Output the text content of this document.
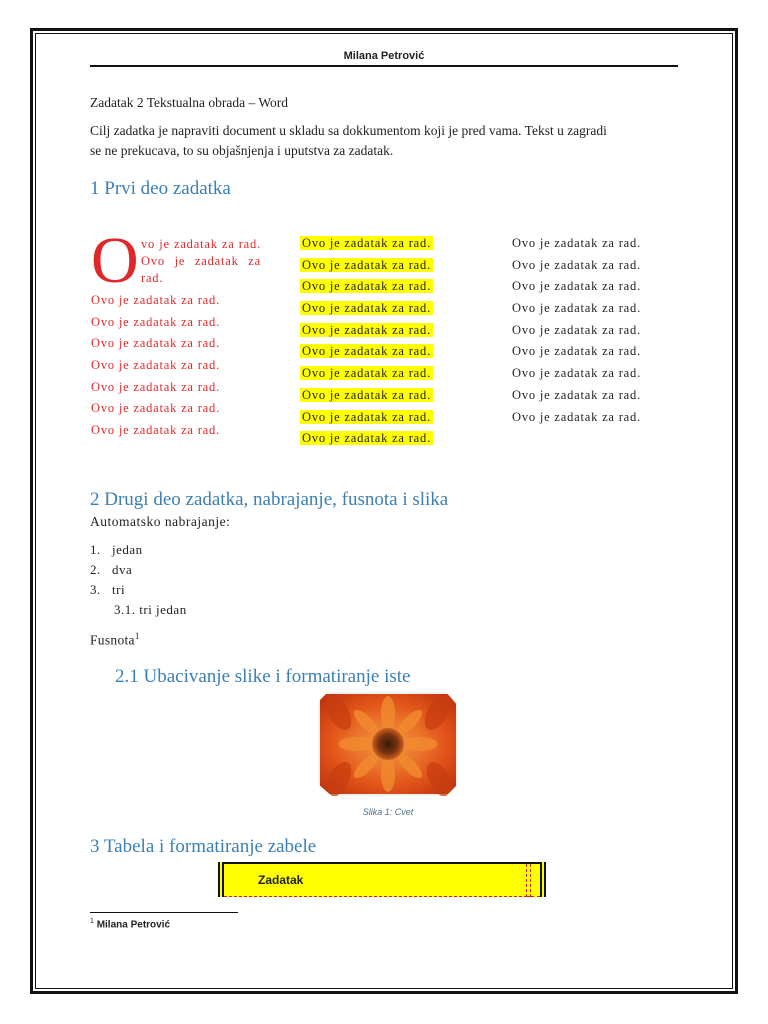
Milana Petrović
Zadatak 2 Tekstualna obrada – Word
Cilj zadatka je napraviti document u skladu sa dokkumentom koji je pred vama. Tekst u zagradi
se ne prekucava, to su objašnjenja i uputstva za zadatak.
1 Prvi deo zadatka
O vo je zadatak za rad. Ovo je zadatak za rad.
Ovo je zadatak za rad.
Ovo je zadatak za rad.
Ovo je zadatak za rad.
Ovo je zadatak za rad.
Ovo je zadatak za rad.
Ovo je zadatak za rad.
Ovo je zadatak za rad.
Ovo je zadatak za rad.
Ovo je zadatak za rad.
Ovo je zadatak za rad.
Ovo je zadatak za rad.
Ovo je zadatak za rad.
Ovo je zadatak za rad.
Ovo je zadatak za rad.
Ovo je zadatak za rad.
Ovo je zadatak za rad.
Ovo je zadatak za rad.
Ovo je zadatak za rad.
Ovo je zadatak za rad.
Ovo je zadatak za rad.
Ovo je zadatak za rad.
Ovo je zadatak za rad.
Ovo je zadatak za rad.
Ovo je zadatak za rad.
Ovo je zadatak za rad.
Ovo je zadatak za rad.
2 Drugi deo zadatka, nabrajanje, fusnota i slika
Automatsko nabrajanje:
1. jedan
2. dva
3. tri
3.1. tri jedan
Fusnota$^1$
2.1 Ubacivanje slike i formatiranje iste
Slika 1: Cvet
3 Tabela i formatiranje zabele
Zadatak		
$^1$ Milana Petrović
